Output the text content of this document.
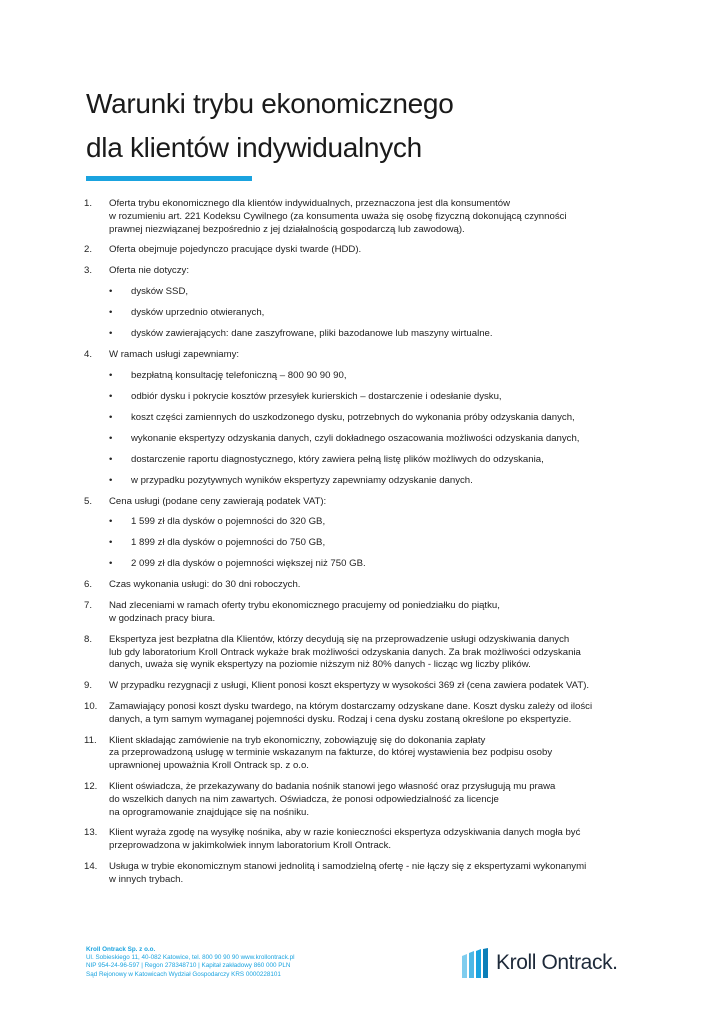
Warunki trybu ekonomicznego
dla klientów indywidualnych
1. Oferta trybu ekonomicznego dla klientów indywidualnych, przeznaczona jest dla konsumentów
w rozumieniu art. 221 Kodeksu Cywilnego (za konsumenta uważa się osobę fizyczną dokonującą czynności
prawnej niezwiązanej bezpośrednio z jej działalnością gospodarczą lub zawodową).
2. Oferta obejmuje pojedynczo pracujące dyski twarde (HDD).
3. Oferta nie dotyczy:
• dysków SSD,
• dysków uprzednio otwieranych,
• dysków zawierających: dane zaszyfrowane, pliki bazodanowe lub maszyny wirtualne.
4. W ramach usługi zapewniamy:
• bezpłatną konsultację telefoniczną – 800 90 90 90,
• odbiór dysku i pokrycie kosztów przesyłek kurierskich – dostarczenie i odesłanie dysku,
• koszt części zamiennych do uszkodzonego dysku, potrzebnych do wykonania próby odzyskania danych,
• wykonanie ekspertyzy odzyskania danych, czyli dokładnego oszacowania możliwości odzyskania danych,
• dostarczenie raportu diagnostycznego, który zawiera pełną listę plików możliwych do odzyskania,
• w przypadku pozytywnych wyników ekspertyzy zapewniamy odzyskanie danych.
5. Cena usługi (podane ceny zawierają podatek VAT):
• 1 599 zł dla dysków o pojemności do 320 GB,
• 1 899 zł dla dysków o pojemności do 750 GB,
• 2 099 zł dla dysków o pojemności większej niż 750 GB.
6. Czas wykonania usługi: do 30 dni roboczych.
7. Nad zleceniami w ramach oferty trybu ekonomicznego pracujemy od poniedziałku do piątku,
w godzinach pracy biura.
8. Ekspertyza jest bezpłatna dla Klientów, którzy decydują się na przeprowadzenie usługi odzyskiwania danych
lub gdy laboratorium Kroll Ontrack wykaże brak możliwości odzyskania danych. Za brak możliwości odzyskania
danych, uważa się wynik ekspertyzy na poziomie niższym niż 80% danych - licząc wg liczby plików.
9. W przypadku rezygnacji z usługi, Klient ponosi koszt ekspertyzy w wysokości 369 zł (cena zawiera podatek VAT).
10. Zamawiający ponosi koszt dysku twardego, na którym dostarczamy odzyskane dane. Koszt dysku zależy od ilości
danych, a tym samym wymaganej pojemności dysku. Rodzaj i cena dysku zostaną określone po ekspertyzie.
11. Klient składając zamówienie na tryb ekonomiczny, zobowiązuję się do dokonania zapłaty
za przeprowadzoną usługę w terminie wskazanym na fakturze, do której wystawienia bez podpisu osoby
uprawnionej upoważnia Kroll Ontrack sp. z o.o.
12. Klient oświadcza, że przekazywany do badania nośnik stanowi jego własność oraz przysługują mu prawa
do wszelkich danych na nim zawartych. Oświadcza, że ponosi odpowiedzialność za licencje
na oprogramowanie znajdujące się na nośniku.
13. Klient wyraża zgodę na wysyłkę nośnika, aby w razie konieczności ekspertyza odzyskiwania danych mogła być
przeprowadzona w jakimkolwiek innym laboratorium Kroll Ontrack.
14. Usługa w trybie ekonomicznym stanowi jednolitą i samodzielną ofertę - nie łączy się z ekspertyzami wykonanymi
w innych trybach.
Kroll Ontrack Sp. z o.o.
Ul. Sobieskiego 11, 40-082 Katowice, tel. 800 90 90 90 www.krollontrack.pl
NIP 954-24-96-597 | Regon 278348710 | Kapitał zakładowy 860 000 PLN
Sąd Rejonowy w Katowicach Wydział Gospodarczy KRS 0000228101
Kroll Ontrack.
